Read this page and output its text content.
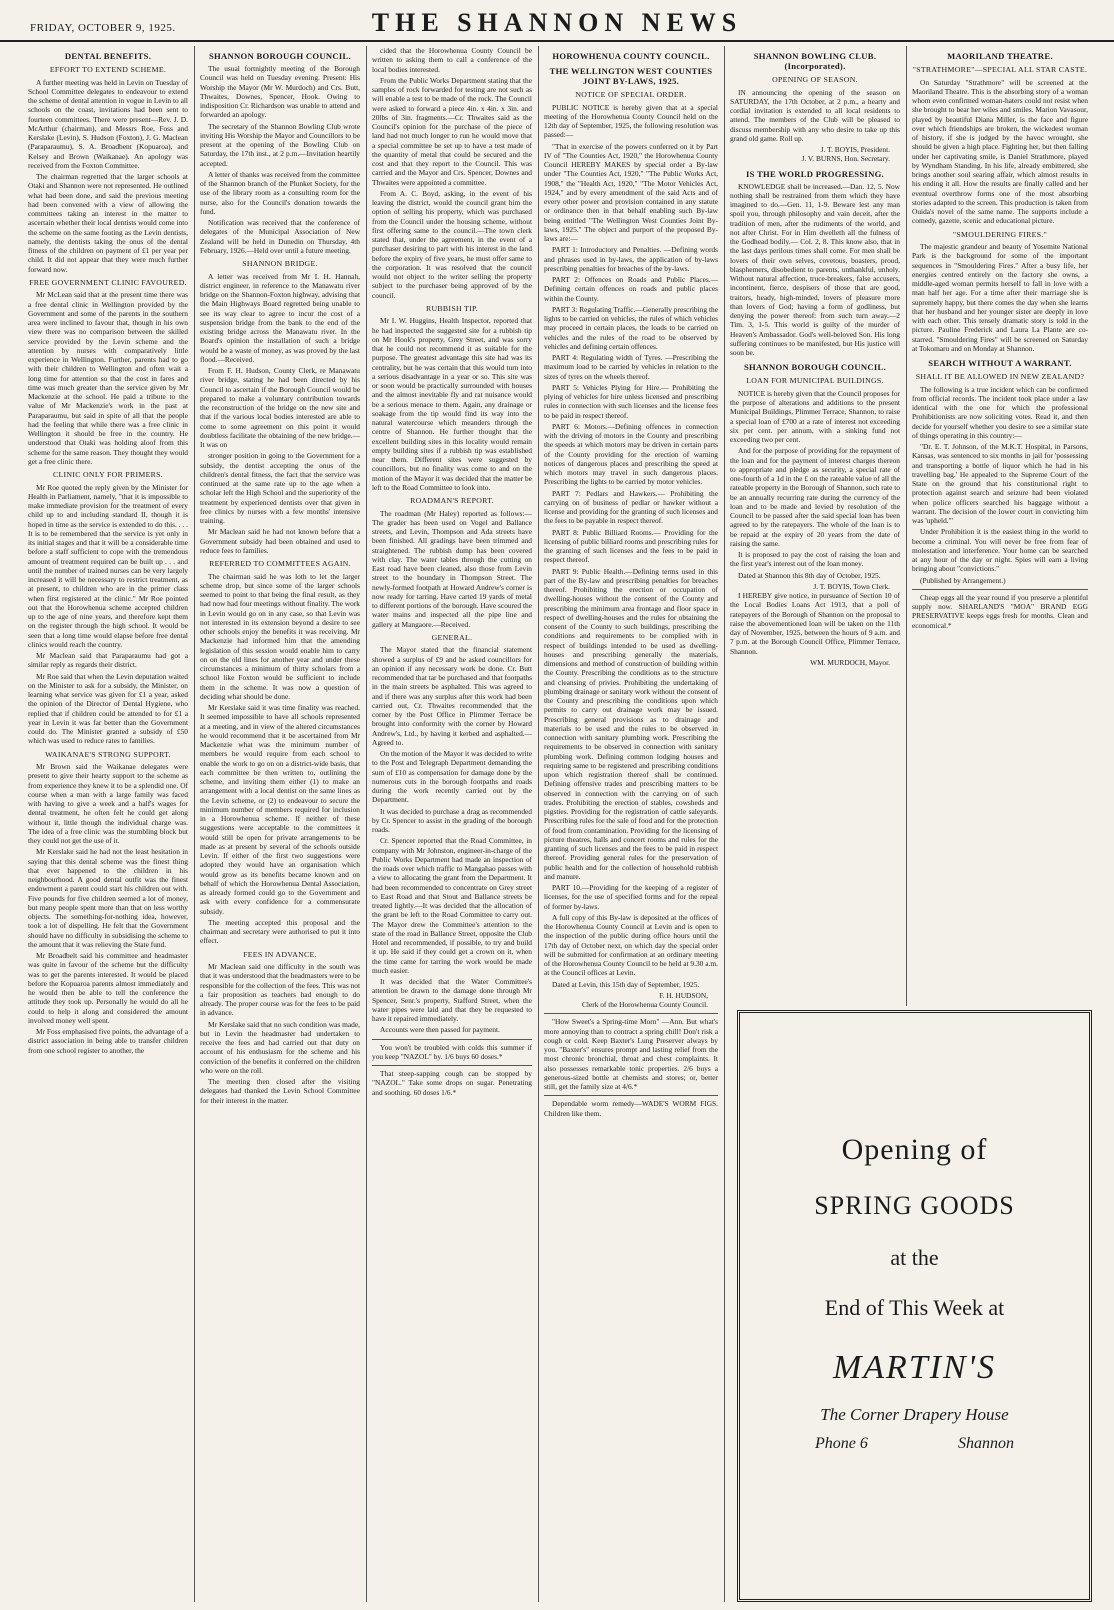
FRIDAY, OCTOBER 9, 1925.	THE SHANNON NEWS
DENTAL BENEFITS.
EFFORT TO EXTEND SCHEME.

A further meeting was held in Levin on Tuesday of School Committee delegates to endeavour to extend the scheme of dental attention in vogue in Levin to all schools on the coast, invitations had been sent to fourteen committees. There were present—Rev. J. D. McArthur (chairman), and Messrs Roe, Foss and Kerslake (Levin), S. Hudson (Foxton), J. G. Maclean (Paraparaumu), S. A. Broadbent (Kopuaroa), and Kelsey and Brown (Waikanae). An apology was received from the Foxton Committee.

The chairman regretted that the larger schools at Otaki and Shannon were not represented. He outlined what had been done, and said the previous meeting had been convened with a view of allowing the committees taking an interest in the matter to ascertain whether their local dentists would come into the scheme on the same footing as the Levin dentists, namely, the dentists taking the onus of the dental fitness of the children on payment of £1 per year per child. It did not appear that they were much further forward now.

FREE GOVERNMENT CLINIC FAVOURED.

Mr McLean said that at the present time there was a free dental clinic in Wellington provided by the Government and some of the parents in the southern area were inclined to favour that, though in his own view there was no comparison between the skilled service provided by the Levin scheme and the attention by nurses with comparatively little experience in Wellington. Further, parents had to go with their children to Wellington and often wait a long time for attention so that the cost in fares and time was much greater than the service given by Mr Mackenzie at the school. He paid a tribute to the value of Mr Mackenzie's work in the past at Paraparaumu, but said in spite of all that the people had the feeling that while there was a free clinic in Wellington it should be free in the country. He understood that Otaki was holding aloof from this scheme for the same reason. They thought they would get a free clinic there.

CLINIC ONLY FOR PRIMERS.

Mr Roe quoted the reply given by the Minister for Health in Parliament, namely, "that it is impossible to make immediate provision for the treatment of every child up to and including standard II, though it is hoped in time as the service is extended to do this. . . . It is to be remembered that the service is yet only in its initial stages and that it will be a considerable time before a staff sufficient to cope with the tremendous amount of treatment required can be built up . . . and until the number of trained nurses can be very largely increased it will be necessary to restrict treatment, as at present, to children who are in the primer class when first registered at the clinic." Mr Roe pointed out that the Horowhenua scheme accepted children up to the age of nine years, and therefore kept them on the register through the high school. It would be seen that a long time would elapse before free dental clinics would reach the country.

Mr Maclean said that Paraparaumu had got a similar reply as regards their district.

Mr Roe said that when the Levin deputation waited on the Minister to ask for a subsidy, the Minister, on learning what service was given for £1 a year, asked the opinion of the Director of Dental Hygiene, who replied that if children could be attended to for £1 a year in Levin it was far better than the Government could do. The Minister granted a subsidy of £50 which was used to reduce rates to families.

WAIKANAE'S STRONG SUPPORT.

Mr Brown said the Waikanae delegates were present to give their hearty support to the scheme as from experience they knew it to be a splendid one. Of course when a man with a large family was faced with having to give a week and a half's wages for dental treatment, he often felt he could get along without it, little though the individual charge was. The idea of a free clinic was the stumbling block but they could not get the use of it.

Mr Kerslake said he had not the least hesitation in saying that this dental scheme was the finest thing that ever happened to the children in his neighbourhood. A good dental outfit was the finest endowment a parent could start his children out with. Five pounds for five children seemed a lot of money, but many people spent more than that on less worthy objects. The something-for-nothing idea, however, took a lot of dispelling. He felt that the Government should have no difficulty in subsidising the scheme to the amount that it was relieving the State fund.

Mr Broadbelt said his committee and headmaster was quite in favour of the scheme but the difficulty was to get the parents interested. It would be placed before the Kopuaroa parents almost immediately and he would then be able to tell the conference the attitude they took up. Personally he would do all he could to help it along and considered the amount involved money well spent.

Mr Foss emphasised five points, the advantage of a district association in being able to transfer children from one school register to another, the

SHANNON BOROUGH COUNCIL.

The usual fortnightly meeting of the Borough Council was held on Tuesday evening. Present: His Worship the Mayor (Mr W. Murdoch) and Crs. Butt, Thwaites, Downes, Spencer, Hook. Owing to indisposition Cr. Richardson was unable to attend and forwarded an apology.

The secretary of the Shannon Bowling Club wrote inviting His Worship the Mayor and Councillors to be present at the opening of the Bowling Club on Saturday, the 17th inst., at 2 p.m.—Invitation heartily accepted.

A letter of thanks was received from the committee of the Shannon branch of the Plunket Society, for the use of the library room as a consulting room for the nurse, also for the Council's donation towards the fund.

Notification was received that the conference of delegates of the Municipal Association of New Zealand will be held in Dunedin on Thursday, 4th February, 1926.—Held over until a future meeting.

SHANNON BRIDGE.

A letter was received from Mr I. H. Hannah, district engineer, in reference to the Manawatu river bridge on the Shannon-Foxton highway, advising that the Main Highways Board regretted being unable to see its way clear to agree to incur the cost of a suspension bridge from the bank to the end of the existing bridge across the Manawatu river. In the Board's opinion the installation of such a bridge would be a waste of money, as was proved by the last flood.—Received.

From F. H. Hudson, County Clerk, re Manawatu river bridge, stating he had been directed by his Council to ascertain if the Borough Council would be prepared to make a voluntary contribution towards the reconstruction of the bridge on the new site and that if the various local bodies interested are able to come to some agreement on this point it would doubtless facilitate the obtaining of the new bridge.—It was on

stronger position in going to the Government for a subsidy, the dentist accepting the onus of the children's dental fitness, the fact that the service was continued at the same rate up to the age when a scholar left the High School and the superiority of the treatment by experienced dentists over that given in free clinics by nurses with a few months' intensive training.

Mr Maclean said he had not known before that a Government subsidy had been obtained and used to reduce fees to families.

REFERRED TO COMMITTEES AGAIN.

The chairman said he was loth to let the larger scheme drop, but since some of the larger schools seemed to point to that being the final result, as they had now had four meetings without finality. The work in Levin would go on in any case, so that Levin was not interested in its extension beyond a desire to see other schools enjoy the benefits it was receiving. Mr Mackenzie had informed him that the amending legislation of this session would enable him to carry on on the old lines for another year and under these circumstances a minimum of thirty scholars from a school like Foxton would be sufficient to include them in the scheme. It was now a question of deciding what should be done.

Mr Kerslake said it was time finality was reached. It seemed impossible to have all schools represented at a meeting, and in view of the altered circumstances he would recommend that it be ascertained from Mr Mackenzie what was the minimum number of members he would require from each school to enable the work to go on on a district-wide basis, that each committee be then written to, outlining the scheme, and inviting them either (1) to make an arrangement with a local dentist on the same lines as the Levin scheme, or (2) to endeavour to secure the minimum number of members required for inclusion in a Horowhenua scheme. If neither of these suggestions were acceptable to the committees it would still be open for private arrangements to be made as at present by several of the schools outside Levin. If either of the first two suggestions were adopted they would have an organisation which would grow as its benefits became known and on behalf of which the Horowhenua Dental Association, as already formed could go to the Government and ask with every confidence for a commensurate subsidy.

The meeting accepted this proposal and the chairman and secretary were authorised to put it into effect.

FEES IN ADVANCE.

Mr Maclean said one difficulty in the south was that it was understood that the headmasters were to be responsible for the collection of the fees. This was not a fair proposition as teachers had enough to do already. The proper course was for the fees to be paid in advance.

Mr Kerslake said that no such condition was made, but in Levin the headmaster had undertaken to receive the fees and had carried out that duty on account of his enthusiasm for the scheme and his conviction of the benefits it conferred on the children who were on the roll.

The meeting then closed after the visiting delegates had thanked the Levin School Committee for their interest in the matter.

cided that the Horowhenua County Council be written to asking them to call a conference of the local bodies interested.

From the Public Works Department stating that the samples of rock forwarded for testing are not such as will enable a test to be made of the rock. The Council were asked to forward a piece 4in. x 4in. x 3in. and 20lbs of 3in. fragments.—Cr. Thwaites said as the Council's opinion for the purchase of the piece of land had not much longer to run he would move that a special committee be set up to have a test made of the quantity of metal that could be secured and the cost and that they report to the Council. This was carried and the Mayor and Crs. Spencer, Downes and Thwaites were appointed a committee.

From A. C. Boyd, asking, in the event of his leaving the district, would the council grant him the option of selling his property, which was purchased from the Council under the housing scheme, without first offering same to the council.—The town clerk stated that, under the agreement, in the event of a purchaser desiring to part with his interest in the land before the expiry of five years, he must offer same to the corporation. It was resolved that the council would not object to the writer selling the property subject to the purchaser being approved of by the council.

RUBBISH TIP.

Mr I. W. Huggins, Health Inspector, reported that he had inspected the suggested site for a rubbish tip on Mr Hook's property, Grey Street, and was sorry that he could not recommend it as suitable for the purpose. The greatest advantage this site had was its centrality, but he was certain that this would turn into a serious disadvantage in a year or so. This site was or soon would be practically surrounded with houses and the almost inevitable fly and rat nuisance would be a serious menace to them. Again, any drainage or soakage from the tip would find its way into the natural watercourse which meanders through the centre of Shannon. He further thought that the excellent building sites in this locality would remain empty building sites if a rubbish tip was established near them. Different sites were suggested by councillors, but no finality was come to and on the motion of the Mayor it was decided that the matter be left to the Road Committee to look into.

ROADMAN'S REPORT.

The roadman (Mr Haley) reported as follows:—The grader has been used on Vogel and Ballance streets, and Levin, Thompson and Ada streets have been finished. All gradings have been trimmed and straightened. The rubbish dump has been covered with clay. The water tables through the cutting on East road have been cleaned, also those from Levin street to the boundary in Thompson Street. The newly-formed footpath at Howard Andrew's corner is now ready for tarring. Have carted 19 yards of metal to different portions of the borough. Have scoured the water mains and inspected all the pipe line and gallery at Mangaore.—Received.

GENERAL.

The Mayor stated that the financial statement showed a surplus of £9 and he asked councillors for an opinion if any necessary work be done. Cr. Butt recommended that tar be purchased and that footpaths in the main streets be asphalted. This was agreed to and if there was any surplus after this work had been carried out, Cr. Thwaites recommended that the corner by the Post Office in Plimmer Terrace be brought into conformity with the corner by Howard Andrew's, Ltd., by having it kerbed and asphalted.—Agreed to.

On the motion of the Mayor it was decided to write to the Post and Telegraph Department demanding the sum of £10 as compensation for damage done by the numerous cuts in the borough footpaths and roads during the work recently carried out by the Department.

It was decided to purchase a drag as recommended by Cr. Spencer to assist in the grading of the borough roads.

Cr. Spencer reported that the Road Committee, in company with Mr Johnston, engineer-in-charge of the Public Works Department had made an inspection of the roads over which traffic to Mangahao passes with a view to allocating the grant from the Department. It had been recommended to concentrate on Grey street to East Road and that Stout and Ballance streets be treated lightly.—It was decided that the allocation of the grant be left to the Road Committee to carry out. The Mayor drew the Committee's attention to the state of the road in Ballance Street, opposite the Club Hotel and recommended, if possible, to try and build it up. He said if they could get a crown on it, when the time came for tarring the work would be made much easier.

It was decided that the Water Committee's attention be drawn to the damage done through Mr Spencer, Senr.'s property, Stafford Street, when the water pipes were laid and that they be requested to have it repaired immediately.

Accounts were then passed for payment.

You won't be troubled with colds this summer if you keep "NAZOL" by. 1/6 buys 60 doses.*

That steep-sapping cough can be stopped by "NAZOL." Take some drops on sugar. Penetrating and soothing. 60 doses 1/6.*

HOROWHENUA COUNTY COUNCIL.
THE WELLINGTON WEST COUNTIES JOINT BY-LAWS, 1925.
NOTICE OF SPECIAL ORDER.

PUBLIC NOTICE is hereby given that at a special meeting of the Horowhenua County Council held on the 12th day of September, 1925, the following resolution was passed:—

"That in exercise of the powers conferred on it by Part IV of "The Counties Act, 1920," the Horowhenua County Council HEREBY MAKES by special order a By-law under "The Counties Act, 1920," "The Public Works Act, 1908," the "Health Act, 1920," "The Motor Vehicles Act, 1924," and by every amendment of the said Acts and of every other power and provision contained in any statute or ordinance then in that behalf enabling such By-law being entitled "The Wellington West Counties Joint By-laws, 1925." The object and purport of the proposed By-laws are:—

PART 1: Introductory and Penalties. —Defining words and phrases used in by-laws, the application of by-laws prescribing penalties for breaches of the by-laws.

PART 2: Offences on Roads and Public Places.—Defining certain offences on roads and public places within the County.

PART 3: Regulating Traffic.—Generally prescribing the lights to be carried on vehicles, the rules of which vehicles may proceed in certain places, the loads to be carried on vehicles and the rules of the road to be observed by vehicles and defining certain offences.

PART 4: Regulating width of Tyres. —Prescribing the maximum load to be carried by vehicles in relation to the sizes of tyres on the wheels thereof.

PART 5: Vehicles Plying for Hire.— Prohibiting the plying of vehicles for hire unless licensed and prescribing rules in connection with such licenses and the license fees to be paid in respect thereof.

PART 6: Motors.—Defining offences in connection with the driving of motors in the County and prescribing the speeds at which motors may be driven in certain parts of the County providing for the erection of warning notices of dangerous places and prescribing the speed at which motors may travel in such dangerous places. Prescribing the lights to be carried by motor vehicles.

PART 7: Pedlars and Hawkers.— Prohibiting the carrying on of business of pedlar or hawker without a license and providing for the granting of such licenses and the fees to be payable in respect thereof.

PART 8: Public Billiard Rooms.— Providing for the licensing of public billiard rooms and prescribing rules for the granting of such licenses and the fees to be paid in respect thereof.

PART 9: Public Health.—Defining terms used in this part of the By-law and prescribing penalties for breaches thereof. Prohibiting the erection or occupation of dwelling-houses without the consent of the County and prescribing the minimum area frontage and floor space in respect of dwelling-houses and the rules for obtaining the consent of the County to such buildings, prescribing the conditions and requirements to be complied with in respect of buildings intended to be used as dwelling-houses and prescribing generally the materials, dimensions and method of construction of building within the County. Prescribing the conditions as to the structure and cleansing of privies. Prohibiting the undertaking of plumbing drainage or sanitary work without the consent of the County and prescribing the conditions upon which permits to carry out drainage work may be issued. Prescribing general provisions as to drainage and materials to be used and the rules to be observed in connection with sanitary plumbing work. Prescribing the requirements to be observed in connection with sanitary plumbing work. Defining common lodging houses and requiring same to be registered and prescribing conditions upon which registration thereof shall be continued. Defining offensive trades and prescribing matters to be observed in connection with the carrying on of such trades. Prohibiting the erection of stables, cowsheds and pigsties. Providing for the registration of cattle saleyards. Prescribing rules for the sale of food and for the protection of food from contamination. Providing for the licensing of picture theatres, halls and concert rooms and rules for the granting of such licenses and the fees to be paid in respect thereof. Providing general rules for the preservation of public health and for the collection of household rubbish and manure.

PART 10.—Providing for the keeping of a register of licenses, for the use of specified forms and for the repeal of former by-laws.

A full copy of this By-law is deposited at the offices of the Horowhenua County Council at Levin and is open to the inspection of the public during office hours until the 17th day of October next, on which day the special order will be submitted for confirmation at an ordinary meeting of the Horowhenua County Council to be held at 9.30 a.m. at the Council offices at Levin.

Dated at Levin, this 15th day of September, 1925.

F. H. HUDSON,
Clerk of the Horowhenua County Council.

"How Sweet's a Spring-time Morn" —Ann. But what's more annoying than to contract a spring chill! Don't risk a cough or cold. Keep Baxter's Lung Preserver always by you. "Baxter's" ensures prompt and lasting relief from the most chronic bronchial, throat and chest complaints. It also possesses remarkable tonic properties. 2/6 buys a generous-sized bottle at chemists and stores; or, better still, get the family size at 4/6.*

Dependable worm remedy—WADE'S WORM FIGS. Children like them.

SHANNON BOWLING CLUB. (Incorporated).
OPENING OF SEASON.

IN announcing the opening of the season on SATURDAY, the 17th October, at 2 p.m., a hearty and cordial invitation is extended to all local residents to attend. The members of the Club will be pleased to discuss membership with any who desire to take up this grand old game. Roll up.

J. T. BOYIS, President.
J. V. BURNS, Hon. Secretary.
IS THE WORLD PROGRESSING.

KNOWLEDGE shall be increased.—Dan. 12, 5. Now nothing shall be restrained from them which they have imagined to do.—Gen. 11, 1-9. Beware lest any man spoil you, through philosophy and vain deceit, after the tradition of men, after the rudiments of the world, and not after Christ. For in Him dwelleth all the fulness of the Godhead bodily.— Col. 2, 8. This know also, that in the last days perilous times shall come. For men shall be lovers of their own selves, covetous, boasters, proud, blasphemers, disobedient to parents, unthankful, unholy. Without natural affection, truce-breakers, false accusers, incontinent, fierce, despisers of those that are good, traitors, heady, high-minded, lovers of pleasure more than lovers of God; having a form of godliness, but denying the power thereof: from such turn away.—2 Tim. 3, 1-5. This world is guilty of the murder of Heaven's Ambassador. God's well-beloved Son. His long suffering continues to be manifested, but His justice will soon be.

SHANNON BOROUGH COUNCIL.
LOAN FOR MUNICIPAL BUILDINGS.

NOTICE is hereby given that the Council proposes for the purpose of alterations and additions to the present Municipal Buildings, Plimmer Terrace, Shannon, to raise a special loan of £700 at a rate of interest not exceeding six per cent. per annum, with a sinking fund not exceeding two per cent.

And for the purpose of providing for the repayment of the loan and for the payment of interest charges thereon to appropriate and pledge as security, a special rate of one-fourth of a 1d in the £ on the rateable value of all the rateable property in the Borough of Shannon, such rate to be an annually recurring rate during the currency of the loan and to be made and levied by resolution of the Council to be passed after the said special loan has been agreed to by the ratepayers. The whole of the loan is to be repaid at the expiry of 20 years from the date of raising the same.

It is proposed to pay the cost of raising the loan and the first year's interest out of the loan money.

Dated at Shannon this 8th day of October, 1925.

J. T. BOYIS, Town Clerk.

I HEREBY give notice, in pursuance of Section 10 of the Local Bodies Loans Act 1913, that a poll of ratepayers of the Borough of Shannon on the proposal to raise the abovementioned loan will be taken on the 11th day of November, 1925, between the hours of 9 a.m. and 7 p.m. at the Borough Council Office, Plimmer Terrace, Shannon.

WM. MURDOCH, Mayor.
MAORILAND THEATRE.
"STRATHMORE"—SPECIAL ALL STAR CASTE.

On Saturday "Strathmore" will be screened at the Maoriland Theatre. This is the absorbing story of a woman whom even confirmed woman-haters could not resist when she brought to bear her wiles and smiles. Marion Vavasour, played by beautiful Diana Miller, is the face and figure over which friendships are broken, the wickedest woman of history, if she is judged by the havoc wrought, she should be given a high place. Fighting her, but then falling under her captivating smile, is Daniel Strathmore, played by Wyndham Standing. In his life, already embittered, she brings another soul searing affair, which almost results in his ending it all. How the results are finally called and her eventual overthrow forms one of the most absorbing stories adapted to the screen. This production is taken from Ouida's novel of the same name. The supports include a comedy, gazette, scenic and educational picture.

"SMOULDERING FIRES."

The majestic grandeur and beauty of Yosemite National Park is the background for some of the important sequences in "Smouldering Fires." After a busy life, her energies centred entirely on the factory she owns, a middle-aged woman permits herself to fall in love with a man half her age. For a time after their marriage she is supremely happy, but there comes the day when she learns that her husband and her younger sister are deeply in love with each other. This tensely dramatic story is told in the picture. Pauline Frederick and Laura La Plante are co-starred. "Smouldering Fires" will be screened on Saturday at Tokomaru and on Monday at Shannon.

SEARCH WITHOUT A WARRANT.
SHALL IT BE ALLOWED IN NEW ZEALAND?

The following is a true incident which can be confirmed from official records. The incident took place under a law identical with the one for which the professional Prohibitionists are now soliciting votes. Read it, and then decide for yourself whether you desire to see a similar state of things operating in this country:—

"Dr. E. T. Johnson, of the M.K.T. Hospital, in Parsons, Kansas, was sentenced to six months in jail for 'possessing and transporting a bottle of liquor which he had in his travelling bag.' He appealed to the Supreme Court of the State on the ground that his constitutional right to protection against search and seizure had been violated when police officers searched his baggage without a warrant. The decision of the lower court in convicting him was 'upheld.'"

Under Prohibition it is the easiest thing in the world to become a criminal. You will never be free from fear of molestation and interference. Your home can be searched at any hour of the day or night. Spies will earn a living bringing about "convictions."

(Published by Arrangement.)

Cheap eggs all the year round if you preserve a plentiful supply now. SHARLAND'S "MOA" BRAND EGG PRESERVATIVE keeps eggs fresh for months. Clean and economical.*

Opening of
SPRING GOODS
at the
End of This Week at
MARTIN'S
The Corner Drapery House
Phone 6	Shannon
